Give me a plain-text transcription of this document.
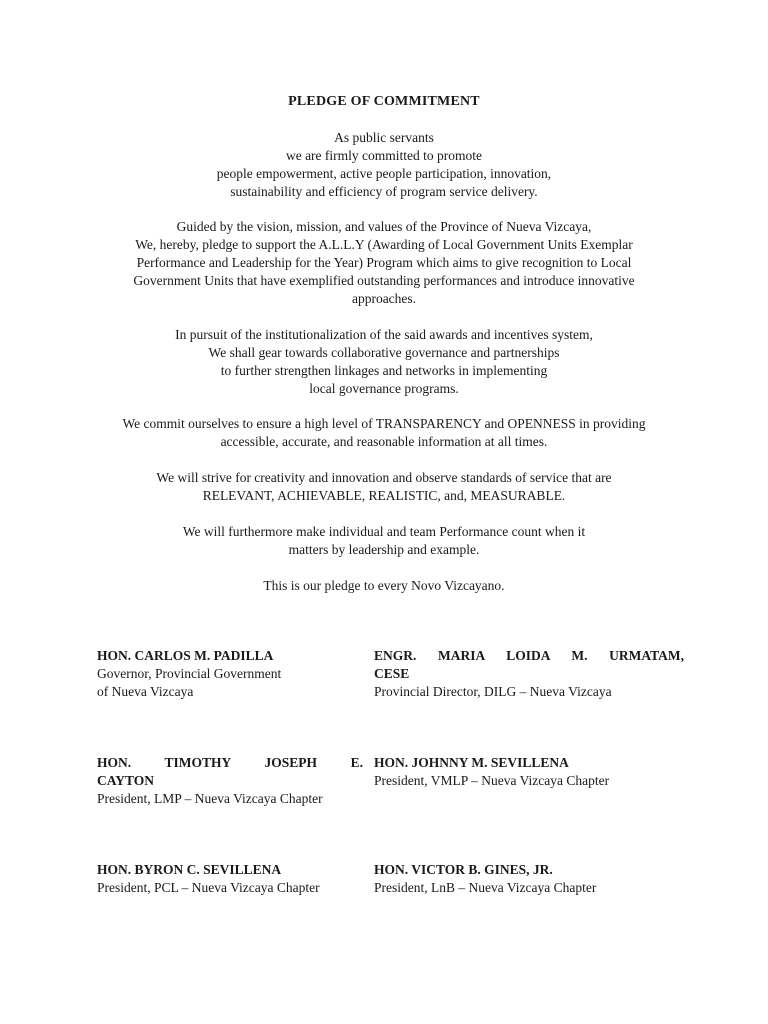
PLEDGE OF COMMITMENT
As public servants
we are firmly committed to promote
people empowerment, active people participation, innovation,
sustainability and efficiency of program service delivery.
Guided by the vision, mission, and values of the Province of Nueva Vizcaya,
We, hereby, pledge to support the A.L.L.Y (Awarding of Local Government Units Exemplar
Performance and Leadership for the Year) Program which aims to give recognition to Local
Government Units that have exemplified outstanding performances and introduce innovative
approaches.
In pursuit of the institutionalization of the said awards and incentives system,
We shall gear towards collaborative governance and partnerships
to further strengthen linkages and networks in implementing
local governance programs.
We commit ourselves to ensure a high level of TRANSPARENCY and OPENNESS in providing
accessible, accurate, and reasonable information at all times.
We will strive for creativity and innovation and observe standards of service that are
RELEVANT, ACHIEVABLE, REALISTIC, and, MEASURABLE.
We will furthermore make individual and team Performance count when it
matters by leadership and example.
This is our pledge to every Novo Vizcayano.
HON. CARLOS M. PADILLA
Governor, Provincial Government
of Nueva Vizcaya
ENGR. MARIA LOIDA M. URMATAM,
CESE
Provincial Director, DILG – Nueva Vizcaya
HON. TIMOTHY JOSEPH E.
CAYTON
President, LMP – Nueva Vizcaya Chapter
HON. JOHNNY M. SEVILLENA
President, VMLP – Nueva Vizcaya Chapter
HON. BYRON C. SEVILLENA
President, PCL – Nueva Vizcaya Chapter
HON. VICTOR B. GINES, JR.
President, LnB – Nueva Vizcaya Chapter
